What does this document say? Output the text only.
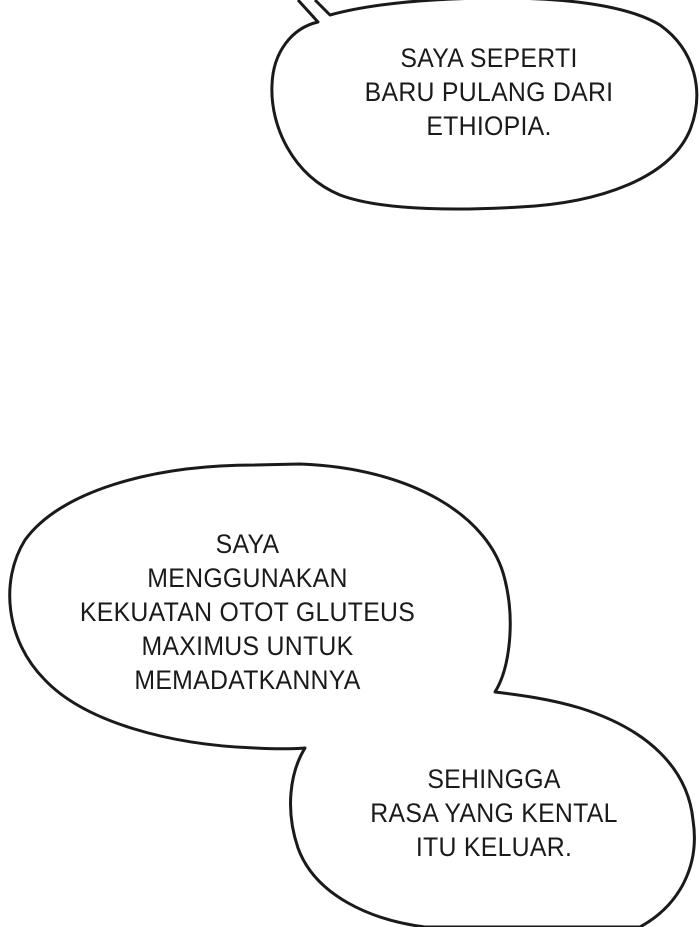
SAYA SEPERTI
BARU PULANG DARI
ETHIOPIA.
SAYA
MENGGUNAKAN
KEKUATAN OTOT GLUTEUS
MAXIMUS UNTUK
MEMADATKANNYA
SEHINGGA
RASA YANG KENTAL
ITU KELUAR.
